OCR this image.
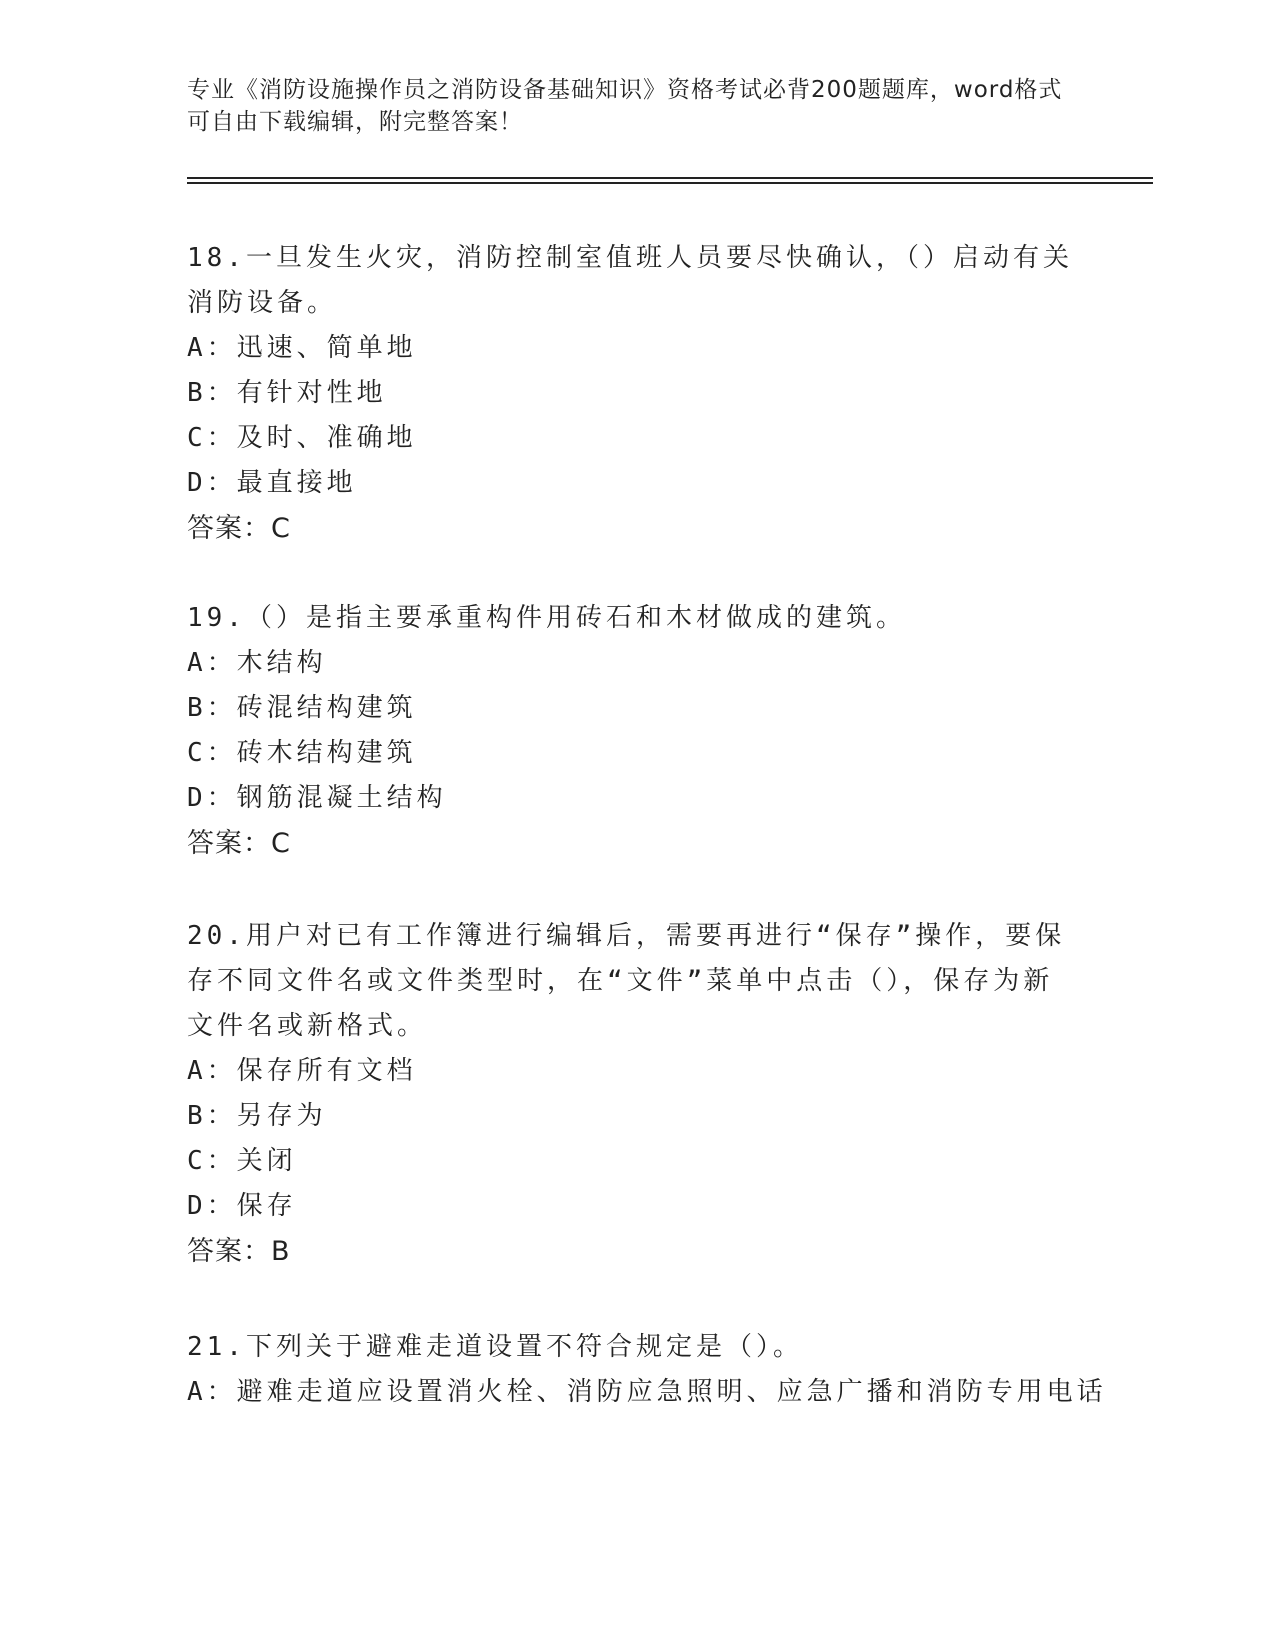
专业《消防设施操作员之消防设备基础知识》资格考试必背200题题库，word格式可自由下载编辑，附完整答案！

18.一旦发生火灾，消防控制室值班人员要尽快确认，（）启动有关消防设备。

A：迅速、简单地

B：有针对性地

C：及时、准确地

D：最直接地

答案：C

19.（）是指主要承重构件用砖石和木材做成的建筑。

A：木结构

B：砖混结构建筑

C：砖木结构建筑

D：钢筋混凝土结构

答案：C

20.用户对已有工作簿进行编辑后，需要再进行“保存”操作，要保存不同文件名或文件类型时，在“文件”菜单中点击（），保存为新文件名或新格式。

A：保存所有文档

B：另存为

C：关闭

D：保存

答案：B

21.下列关于避难走道设置不符合规定是（）。

A：避难走道应设置消火栓、消防应急照明、应急广播和消防专用电话
